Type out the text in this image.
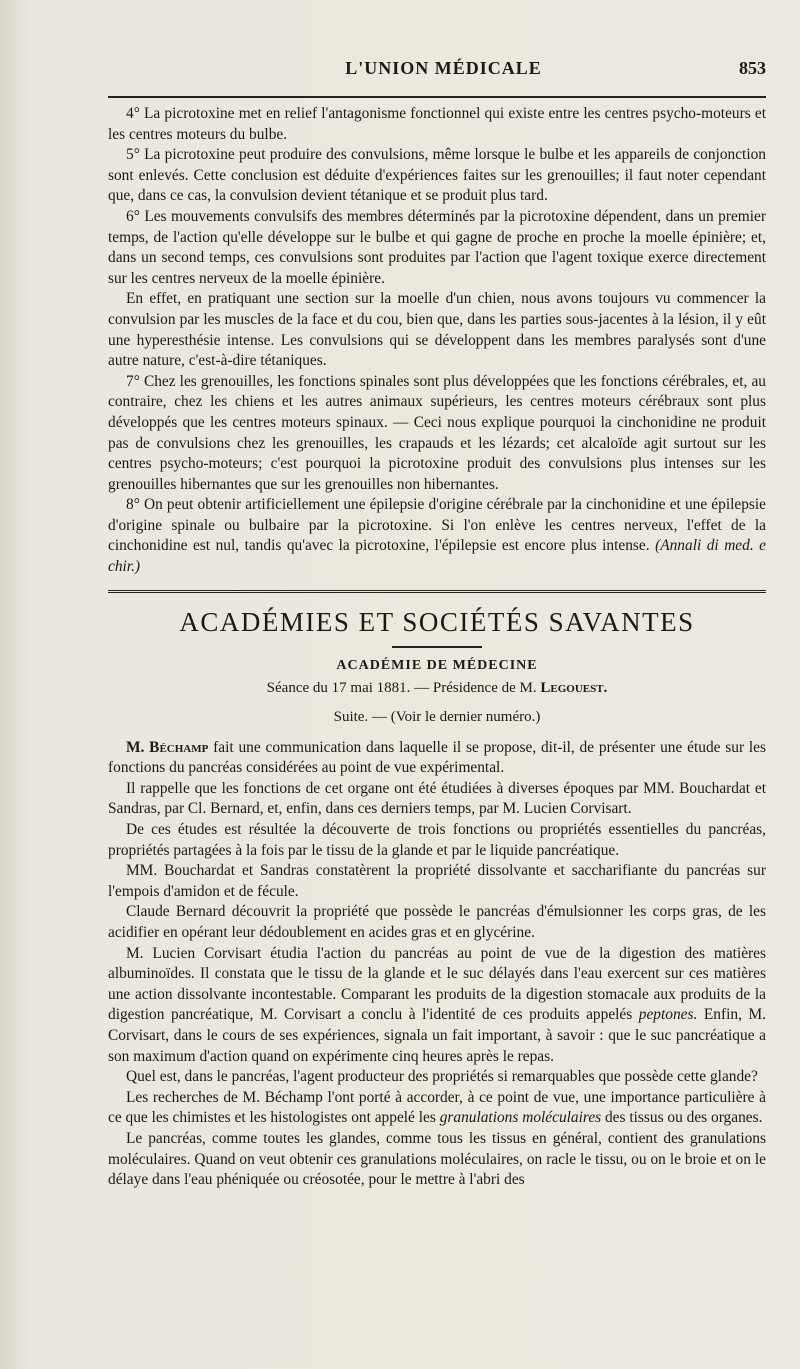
L'UNION MÉDICALE	853

4° La picrotoxine met en relief l'antagonisme fonctionnel qui existe entre les centres psycho-moteurs et les centres moteurs du bulbe.

5° La picrotoxine peut produire des convulsions, même lorsque le bulbe et les appareils de conjonction sont enlevés. Cette conclusion est déduite d'expériences faites sur les grenouilles; il faut noter cependant que, dans ce cas, la convulsion devient tétanique et se produit plus tard.

6° Les mouvements convulsifs des membres déterminés par la picrotoxine dépendent, dans un premier temps, de l'action qu'elle développe sur le bulbe et qui gagne de proche en proche la moelle épinière; et, dans un second temps, ces convulsions sont produites par l'action que l'agent toxique exerce directement sur les centres nerveux de la moelle épinière.

En effet, en pratiquant une section sur la moelle d'un chien, nous avons toujours vu commencer la convulsion par les muscles de la face et du cou, bien que, dans les parties sous-jacentes à la lésion, il y eût une hyperesthésie intense. Les convulsions qui se développent dans les membres paralysés sont d'une autre nature, c'est-à-dire tétaniques.

7° Chez les grenouilles, les fonctions spinales sont plus développées que les fonctions cérébrales, et, au contraire, chez les chiens et les autres animaux supérieurs, les centres moteurs cérébraux sont plus développés que les centres moteurs spinaux. — Ceci nous explique pourquoi la cinchonidine ne produit pas de convulsions chez les grenouilles, les crapauds et les lézards; cet alcaloïde agit surtout sur les centres psycho-moteurs; c'est pourquoi la picrotoxine produit des convulsions plus intenses sur les grenouilles hibernantes que sur les grenouilles non hibernantes.

8° On peut obtenir artificiellement une épilepsie d'origine cérébrale par la cinchonidine et une épilepsie d'origine spinale ou bulbaire par la picrotoxine. Si l'on enlève les centres nerveux, l'effet de la cinchonidine est nul, tandis qu'avec la picrotoxine, l'épilepsie est encore plus intense. (Annali di med. e chir.)

ACADÉMIES ET SOCIÉTÉS SAVANTES
ACADÉMIE DE MÉDECINE
Séance du 17 mai 1881. — Présidence de M. Legouest.
Suite. — (Voir le dernier numéro.)

M. Béchamp fait une communication dans laquelle il se propose, dit-il, de présenter une étude sur les fonctions du pancréas considérées au point de vue expérimental.

Il rappelle que les fonctions de cet organe ont été étudiées à diverses époques par MM. Bouchardat et Sandras, par Cl. Bernard, et, enfin, dans ces derniers temps, par M. Lucien Corvisart.

De ces études est résultée la découverte de trois fonctions ou propriétés essentielles du pancréas, propriétés partagées à la fois par le tissu de la glande et par le liquide pancréatique.

MM. Bouchardat et Sandras constatèrent la propriété dissolvante et saccharifiante du pancréas sur l'empois d'amidon et de fécule.

Claude Bernard découvrit la propriété que possède le pancréas d'émulsionner les corps gras, de les acidifier en opérant leur dédoublement en acides gras et en glycérine.

M. Lucien Corvisart étudia l'action du pancréas au point de vue de la digestion des matières albuminoïdes. Il constata que le tissu de la glande et le suc délayés dans l'eau exercent sur ces matières une action dissolvante incontestable. Comparant les produits de la digestion stomacale aux produits de la digestion pancréatique, M. Corvisart a conclu à l'identité de ces produits appelés peptones. Enfin, M. Corvisart, dans le cours de ses expériences, signala un fait important, à savoir : que le suc pancréatique a son maximum d'action quand on expérimente cinq heures après le repas.

Quel est, dans le pancréas, l'agent producteur des propriétés si remarquables que possède cette glande?

Les recherches de M. Béchamp l'ont porté à accorder, à ce point de vue, une importance particulière à ce que les chimistes et les histologistes ont appelé les granulations moléculaires des tissus ou des organes.

Le pancréas, comme toutes les glandes, comme tous les tissus en général, contient des granulations moléculaires. Quand on veut obtenir ces granulations moléculaires, on racle le tissu, ou on le broie et on le délaye dans l'eau phéniquée ou créosotée, pour le mettre à l'abri des
